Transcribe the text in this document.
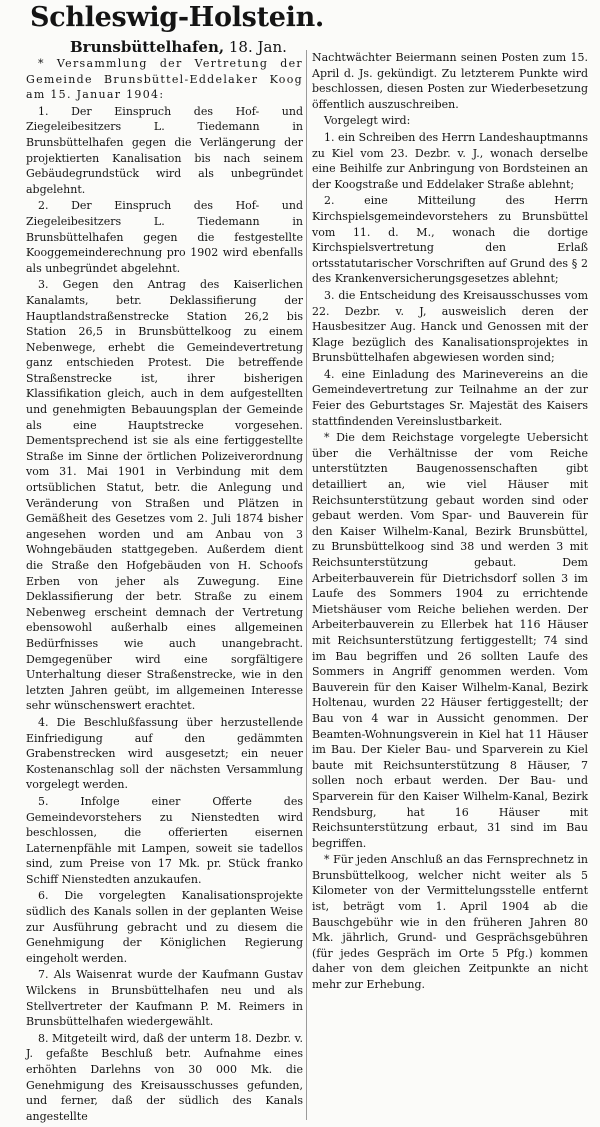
Schleswig-Holstein.
Brunsbüttelhafen, 18. Jan.

* Versammlung der Vertretung der Gemeinde Brunsbüttel-Eddelaker Koog am 15. Januar 1904:

1. Der Einspruch des Hof- und Ziegeleibesitzers L. Tiedemann in Brunsbüttelhafen gegen die Verlängerung der projektierten Kanalisation bis nach seinem Gebäudegrundstück wird als unbegründet abgelehnt.

2. Der Einspruch des Hof- und Ziegeleibesitzers L. Tiedemann in Brunsbüttelhafen gegen die festgestellte Kooggemeinderechnung pro 1902 wird ebenfalls als unbegründet abgelehnt.

3. Gegen den Antrag des Kaiserlichen Kanalamts, betr. Deklassifierung der Hauptlandstraßenstrecke Station 26,2 bis Station 26,5 in Brunsbüttelkoog zu einem Nebenwege, erhebt die Gemeindevertretung ganz entschieden Protest. Die betreffende Straßenstrecke ist, ihrer bisherigen Klassifikation gleich, auch in dem aufgestellten und genehmigten Bebauungsplan der Gemeinde als eine Hauptstrecke vorgesehen. Dementsprechend ist sie als eine fertiggestellte Straße im Sinne der örtlichen Polizeiverordnung vom 31. Mai 1901 in Verbindung mit dem ortsüblichen Statut, betr. die Anlegung und Veränderung von Straßen und Plätzen in Gemäßheit des Gesetzes vom 2. Juli 1874 bisher angesehen worden und am Anbau von 3 Wohngebäuden stattgegeben. Außerdem dient die Straße den Hofgebäuden von H. Schoofs Erben von jeher als Zuwegung. Eine Deklassifierung der betr. Straße zu einem Nebenweg erscheint demnach der Vertretung ebensowohl außerhalb eines allgemeinen Bedürfnisses wie auch unangebracht. Demgegenüber wird eine sorgfältigere Unterhaltung dieser Straßenstrecke, wie in den letzten Jahren geübt, im allgemeinen Interesse sehr wünschenswert erachtet.

4. Die Beschlußfassung über herzustellende Einfriedigung auf den gedämmten Grabenstrecken wird ausgesetzt; ein neuer Kostenanschlag soll der nächsten Versammlung vorgelegt werden.

5. Infolge einer Offerte des Gemeindevorstehers zu Nienstedten wird beschlossen, die offerierten eisernen Laternenpfähle mit Lampen, soweit sie tadellos sind, zum Preise von 17 Mk. pr. Stück franko Schiff Nienstedten anzukaufen.

6. Die vorgelegten Kanalisationsprojekte südlich des Kanals sollen in der geplanten Weise zur Ausführung gebracht und zu diesem die Genehmigung der Königlichen Regierung eingeholt werden.

7. Als Waisenrat wurde der Kaufmann Gustav Wilckens in Brunsbüttelhafen neu und als Stellvertreter der Kaufmann P. M. Reimers in Brunsbüttelhafen wiedergewählt.

8. Mitgeteilt wird, daß der unterm 18. Dezbr. v. J. gefaßte Beschluß betr. Aufnahme eines erhöhten Darlehns von 30 000 Mk. die Genehmigung des Kreisausschusses gefunden, und ferner, daß der südlich des Kanals angestellte

Nachtwächter Beiermann seinen Posten zum 15. April d. Js. gekündigt. Zu letzterem Punkte wird beschlossen, diesen Posten zur Wiederbesetzung öffentlich auszuschreiben.

Vorgelegt wird:

1. ein Schreiben des Herrn Landeshauptmanns zu Kiel vom 23. Dezbr. v. J., wonach derselbe eine Beihilfe zur Anbringung von Bordsteinen an der Koogstraße und Eddelaker Straße ablehnt;

2. eine Mitteilung des Herrn Kirchspielsgemeindevorstehers zu Brunsbüttel vom 11. d. M., wonach die dortige Kirchspielsvertretung den Erlaß ortsstatutarischer Vorschriften auf Grund des § 2 des Krankenversicherungsgesetzes ablehnt;

3. die Entscheidung des Kreisausschusses vom 22. Dezbr. v. J, ausweislich deren der Hausbesitzer Aug. Hanck und Genossen mit der Klage bezüglich des Kanalisationsprojektes in Brunsbüttelhafen abgewiesen worden sind;

4. eine Einladung des Marinevereins an die Gemeindevertretung zur Teilnahme an der zur Feier des Geburtstages Sr. Majestät des Kaisers stattfindenden Vereinslustbarkeit.

* Die dem Reichstage vorgelegte Uebersicht über die Verhältnisse der vom Reiche unterstützten Baugenossenschaften gibt detailliert an, wie viel Häuser mit Reichsunterstützung gebaut worden sind oder gebaut werden. Vom Spar- und Bauverein für den Kaiser Wilhelm-Kanal, Bezirk Brunsbüttel, zu Brunsbüttelkoog sind 38 und werden 3 mit Reichsunterstützung gebaut. Dem Arbeiterbauverein für Dietrichsdorf sollen 3 im Laufe des Sommers 1904 zu errichtende Mietshäuser vom Reiche beliehen werden. Der Arbeiterbauverein zu Ellerbek hat 116 Häuser mit Reichsunterstützung fertiggestellt; 74 sind im Bau begriffen und 26 sollten Laufe des Sommers in Angriff genommen werden. Vom Bauverein für den Kaiser Wilhelm-Kanal, Bezirk Holtenau, wurden 22 Häuser fertiggestellt; der Bau von 4 war in Aussicht genommen. Der Beamten-Wohnungsverein in Kiel hat 11 Häuser im Bau. Der Kieler Bau- und Sparverein zu Kiel baute mit Reichsunterstützung 8 Häuser, 7 sollen noch erbaut werden. Der Bau- und Sparverein für den Kaiser Wilhelm-Kanal, Bezirk Rendsburg, hat 16 Häuser mit Reichsunterstützung erbaut, 31 sind im Bau begriffen.

* Für jeden Anschluß an das Fernsprechnetz in Brunsbüttelkoog, welcher nicht weiter als 5 Kilometer von der Vermittelungsstelle entfernt ist, beträgt vom 1. April 1904 ab die Bauschgebühr wie in den früheren Jahren 80 Mk. jährlich, Grund- und Gesprächsgebühren (für jedes Gespräch im Orte 5 Pfg.) kommen daher von dem gleichen Zeitpunkte an nicht mehr zur Erhebung.
